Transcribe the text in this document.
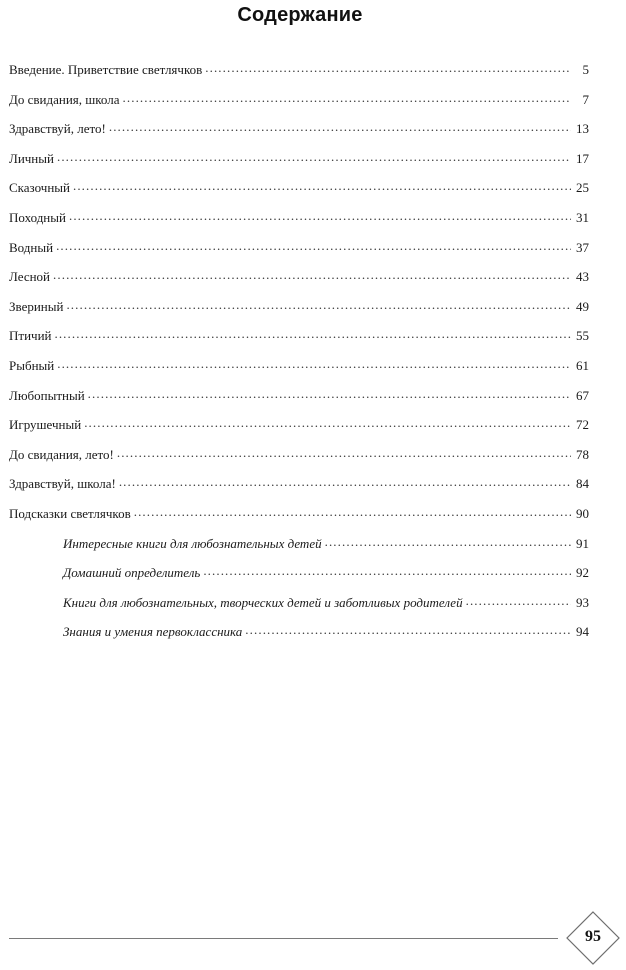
Содержание
Введение. Приветствие светлячков .....	5
До свидания, школа .....	7
Здравствуй, лето! .....	13
Личный .....	17
Сказочный .....	25
Походный .....	31
Водный .....	37
Лесной .....	43
Звериный .....	49
Птичий .....	55
Рыбный .....	61
Любопытный .....	67
Игрушечный .....	72
До свидания, лето! .....	78
Здравствуй, школа! .....	84
Подсказки светлячков .....	90
Интересные книги для любознательных детей .....	91
Домашний определитель .....	92
Книги для любознательных, творческих детей и заботливых родителей .....	93
Знания и умения первоклассника .....	94
95
